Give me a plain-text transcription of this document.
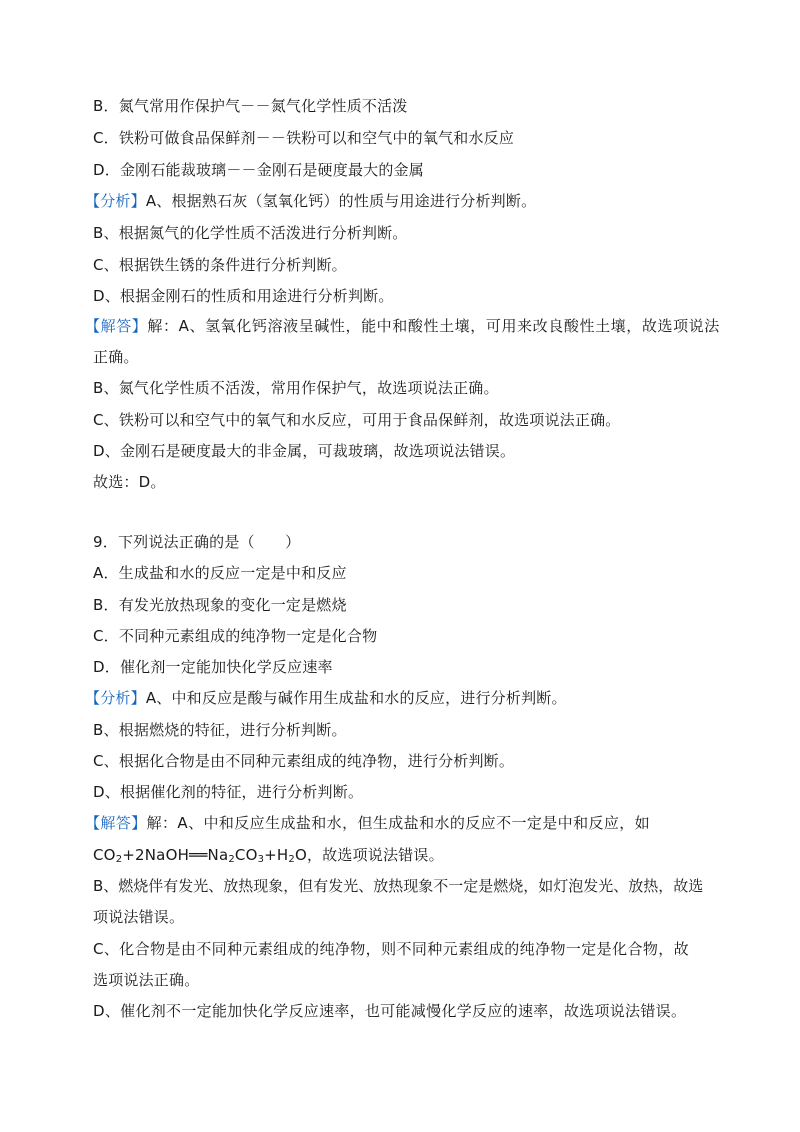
B．氮气常用作保护气－－氮气化学性质不活泼
C．铁粉可做食品保鲜剂－－铁粉可以和空气中的氧气和水反应
D．金刚石能裁玻璃－－金刚石是硬度最大的金属
【分析】A、根据熟石灰（氢氧化钙）的性质与用途进行分析判断。
B、根据氮气的化学性质不活泼进行分析判断。
C、根据铁生锈的条件进行分析判断。
D、根据金刚石的性质和用途进行分析判断。
【解答】解：A、氢氧化钙溶液呈碱性，能中和酸性土壤，可用来改良酸性土壤，故选项说法
正确。
B、氮气化学性质不活泼，常用作保护气，故选项说法正确。
C、铁粉可以和空气中的氧气和水反应，可用于食品保鲜剂，故选项说法正确。
D、金刚石是硬度最大的非金属，可裁玻璃，故选项说法错误。
故选：D。
9．下列说法正确的是（　　）
A．生成盐和水的反应一定是中和反应
B．有发光放热现象的变化一定是燃烧
C．不同种元素组成的纯净物一定是化合物
D．催化剂一定能加快化学反应速率
【分析】A、中和反应是酸与碱作用生成盐和水的反应，进行分析判断。
B、根据燃烧的特征，进行分析判断。
C、根据化合物是由不同种元素组成的纯净物，进行分析判断。
D、根据催化剂的特征，进行分析判断。
【解答】解：A、中和反应生成盐和水，但生成盐和水的反应不一定是中和反应，如
$CO_2+2NaOH══Na_2CO_3+H_2O$，故选项说法错误。
B、燃烧伴有发光、放热现象，但有发光、放热现象不一定是燃烧，如灯泡发光、放热，故选
项说法错误。
C、化合物是由不同种元素组成的纯净物，则不同种元素组成的纯净物一定是化合物，故
选项说法正确。
D、催化剂不一定能加快化学反应速率，也可能减慢化学反应的速率，故选项说法错误。
